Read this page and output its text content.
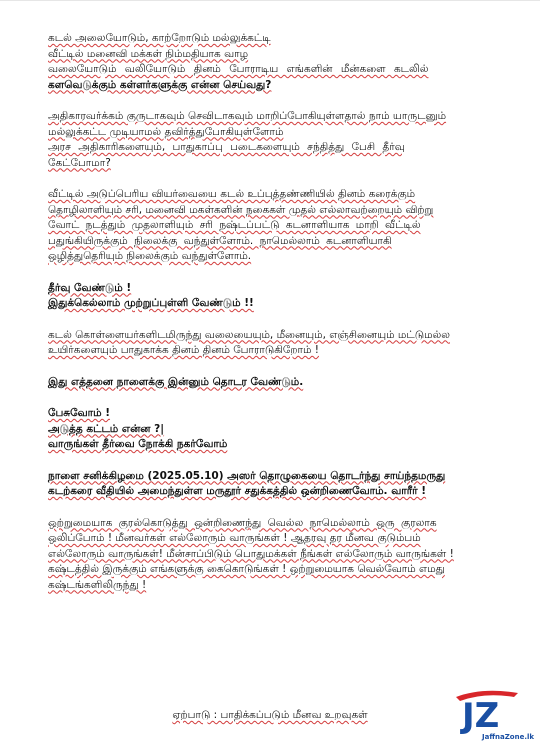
கடல் அலையோடும், காற்றோடும் மல்லுக்கட்டி

வீட்டில் மனைவி மக்கள் நிம்மதியாக வாழ

வலையோடும் வலியோடும் தினம் போராடிய எங்களின் மீன்களை கடலில்

களவெடுக்கும் கள்ளர்களுக்கு என்ன செய்வது?

அதிகாரவர்க்கம் குருடாகவும் செவிடாகவும் மாறிப்போகியுள்ளதால் நாம் யாருடனும்

மல்லுக்கட்ட முடியாமல் தவிர்த்துபோகியுள்ளோம்

அரச அதிகாரிகளையும், பாதுகாப்பு படைகளையும் சந்தித்து பேசி தீர்வு

கேட்போமா?

வீட்டில் அடுப்பெரிய வியர்வையை கடல் உப்புத்தண்ணியில் தினம் கரைக்கும்

தொழிலாளியும் சரி, மனைவி மகள்களின் நகைகள் முதல் எல்லாவற்றையும் விற்று

வோட் நடத்தும் முதலாளியும் சரி நஷ்டப்பட்டு கடனாளியாக மாறி வீட்டில்

பதுங்கியிருக்கும் நிலைக்கு வந்துள்ளோம். நாமெல்லாம் கடனாளியாகி

ஒழித்துதெரியும் நிலைக்கும் வந்துள்ளோம்.

தீர்வு வேண்டும் !

இதுக்கெல்லாம் முற்றுப்புள்ளி வேண்டும் !!

கடல் கொள்ளையர்களிடமிருந்து வலையையும், மீனையும், எஞ்சினையும் மட்டுமல்ல

உயிர்களையும் பாதுகாக்க தினம் தினம் போராடுகிறோம் !

இது எத்தனை நாளைக்கு இன்னும் தொடர வேண்டும்.

பேசுவோம் !

அடுத்த கட்டம் என்ன ?|

வாருங்கள் தீர்வை நோக்கி நகர்வோம்

நாளை சனிக்கிழமை (2025.05.10) அஸர் தொழுகையை தொடர்ந்து சாய்ந்தமருது

கடற்கரை வீதியில் அமைந்துள்ள மருதூர் சதுக்கத்தில் ஒன்றிணைவோம். வாரீர் !

ஒற்றுமையாக குரல்கொடுத்து ஒன்றிணைந்து வெல்ல நாமெல்லாம் ஒரு குரலாக

ஒலிப்போம் ! மீனவர்கள் எல்லோரும் வாருங்கள் ! ஆதரவு தர மீனவ குடும்பம்

எல்லோரும் வாருங்கள்! மீன்சாப்பிடும் பொதுமக்கள் நீங்கள் எல்லோரும் வாருங்கள் !

கஷ்டத்தில் இருக்கும் எங்களுக்கு கைகொடுங்கள் ! ஒற்றுமையாக வெல்வோம் எமது

கஷ்டங்களிலிருந்து !

ஏற்பாடு : பாதிக்கப்படும் மீனவ உறவுகள்	JZ
JaffnaZone.lk
